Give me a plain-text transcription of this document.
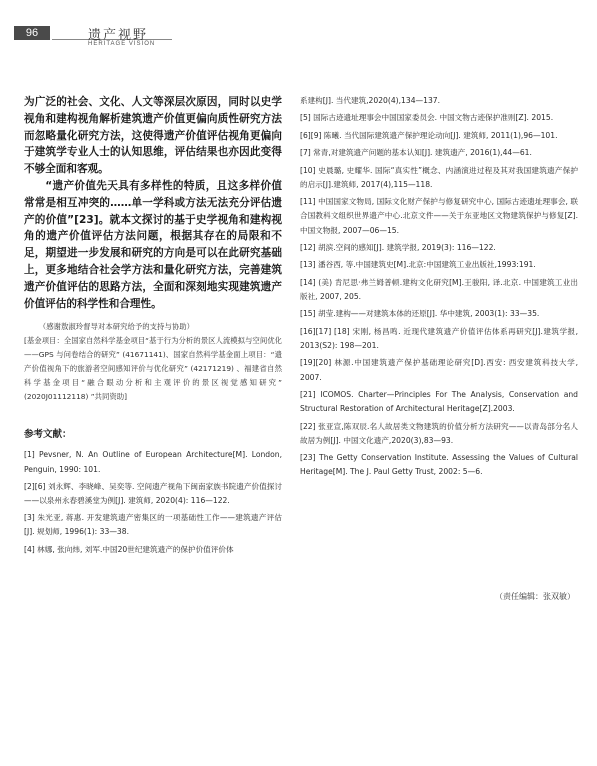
96	遗产视野
HERITAGE VISION

为广泛的社会、文化、人文等深层次原因，同时以史学视角和建构视角解析建筑遗产价值更偏向质性研究方法而忽略量化研究方法，这使得遗产价值评估视角更偏向于建筑学专业人士的认知思维，评估结果也亦因此变得不够全面和客观。

“遗产价值先天具有多样性的特质，且这多样价值常常是相互冲突的……单一学科或方法无法充分评估遗产的价值”[23]。就本文探讨的基于史学视角和建构视角的遗产价值评估方法问题，根据其存在的局限和不足，期望进一步发展和研究的方向是可以在此研究基础上，更多地结合社会学方法和量化研究方法，完善建筑遗产价值评估的思路方法，全面和深刻地实现建筑遗产价值评估的科学性和合理性。

（感谢敖淑玲督导对本研究给予的支持与协助）
[基金项目：全国家自然科学基金项目“基于行为分析的景区人流模拟与空间优化——GPS 与问卷结合的研究” (41671141)、国家自然科学基金面上项目：“遗产价值视角下的旅游者空间感知评价与优化研究” (42171219) 、福建省自然科学基金项目“融合眼动分析和主观评价的景区视觉感知研究” (2020J01112118) ”共同资助]
参考文献：

[1] Pevsner, N. An Outline of European Architecture[M]. London, Penguin, 1990: 101.

[2][6] 刘永辉、李晓峰、吴奕等. 空间遗产视角下闽南家族书院遗产价值探讨——以泉州永春碧溪堂为例[J]. 建筑师, 2020(4): 116—122.

[3] 朱光亚, 蒋惠. 开发建筑遗产密集区的一项基础性工作——建筑遗产评估[J]. 规划师, 1996(1): 33—38.

[4] 林娜, 张向炜, 刘军.中国20世纪建筑遗产的保护价值评价体

系建构[J]. 当代建筑,2020(4),134—137.

[5] 国际古迹遗址理事会中国国家委员会. 中国文物古迹保护准则[Z]. 2015.

[6][9] 陈曦. 当代国际建筑遗产保护理论动向[J]. 建筑师, 2011(1),96—101.

[7] 常青,对建筑遗产问题的基本认知[J]. 建筑遗产, 2016(1),44—61.

[10] 史晨璐, 史耀华. 国际“真实性”概念、内涵演进过程及其对我国建筑遗产保护的启示[J].建筑师, 2017(4),115—118.

[11] 中国国家文物局, 国际文化财产保护与修复研究中心, 国际古迹遗址理事会, 联合国教科文组织世界遗产中心.北京文件——关于东亚地区文物建筑保护与修复[Z]. 中国文物报, 2007—06—15.

[12] 胡滨.空间的感知[J]. 建筑学报, 2019(3): 116—122.

[13] 潘谷西, 等.中国建筑史[M].北京:中国建筑工业出版社,1993:191.

[14] (美) 肯尼思·弗兰姆普顿.建构文化研究[M].王骏阳, 译.北京. 中国建筑工业出版社, 2007, 205.

[15] 胡莹.建构——对建筑本体的还原[J]. 华中建筑, 2003(1): 33—35.

[16][17] [18] 宋刚, 杨昌鸣. 近现代建筑遗产价值评估体系再研究[J].建筑学报, 2013(S2): 198—201.

[19][20] 林源.中国建筑遗产保护基础理论研究[D].西安: 西安建筑科技大学, 2007.

[21] ICOMOS. Charter—Principles For The Analysis, Conservation and Structural Restoration of Architectural Heritage[Z].2003.

[22] 张亚宣,陈双辰.名人故居类文物建筑的价值分析方法研究——以青岛部分名人故居为例[J]. 中国文化遗产,2020(3),83—93.

[23] The Getty Conservation Institute. Assessing the Values of Cultural Heritage[M]. The J. Paul Getty Trust, 2002: 5—6.

（责任编辑：张双敏）
